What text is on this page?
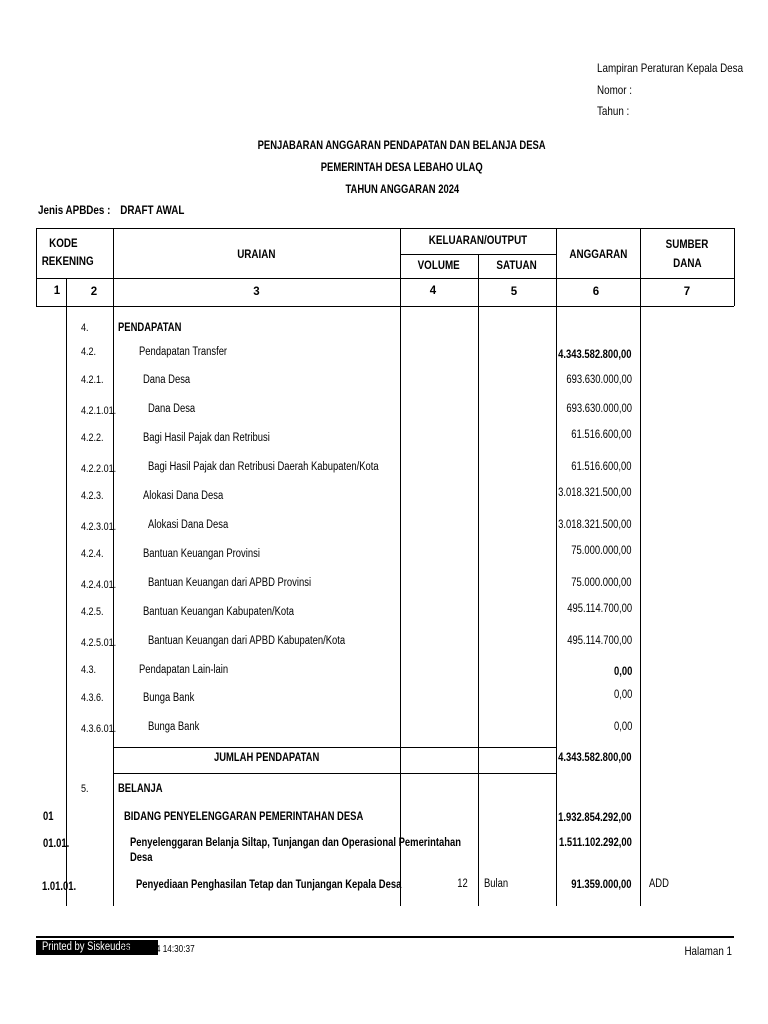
Lampiran Peraturan Kepala Desa
Nomor :
Tahun :
PENJABARAN ANGGARAN PENDAPATAN DAN BELANJA DESA
PEMERINTAH DESA LEBAHO ULAQ
TAHUN ANGGARAN 2024
Jenis APBDes : DRAFT AWAL
KODE
REKENING	URAIAN
KELUARAN/OUTPUT
VOLUME	SATUAN
ANGGARAN
SUMBER
DANA
1	2	3	4	5	6	7
4.	PENDAPATAN
4.2.	Pendapatan Transfer	4.343.582.800,00
4.2.1.	Dana Desa	693.630.000,00
4.2.1.01.	Dana Desa	693.630.000,00
4.2.2.	Bagi Hasil Pajak dan Retribusi	61.516.600,00
4.2.2.01.	Bagi Hasil Pajak dan Retribusi Daerah Kabupaten/Kota	61.516.600,00
4.2.3.	Alokasi Dana Desa	3.018.321.500,00
4.2.3.01.	Alokasi Dana Desa	3.018.321.500,00
4.2.4.	Bantuan Keuangan Provinsi	75.000.000,00
4.2.4.01.	Bantuan Keuangan dari APBD Provinsi	75.000.000,00
4.2.5.	Bantuan Keuangan Kabupaten/Kota	495.114.700,00
4.2.5.01.	Bantuan Keuangan dari APBD Kabupaten/Kota	495.114.700,00
4.3.	Pendapatan Lain-lain	0,00
4.3.6.	Bunga Bank	0,00
4.3.6.01.	Bunga Bank	0,00
JUMLAH PENDAPATAN	4.343.582.800,00
5.	BELANJA
01	BIDANG PENYELENGGARAN PEMERINTAHAN DESA	1.932.854.292,00
01.01.	Penyelenggaran Belanja Siltap, Tunjangan dan Operasional Pemerintahan
Desa
1.511.102.292,00
1.01.01.	Penyediaan Penghasilan Tetap dan Tunjangan Kepala Desa	12 Bulan	91.359.000,00 ADD
Printed by Siskeudes
29/11/2024 14:30:37	Halaman 1
